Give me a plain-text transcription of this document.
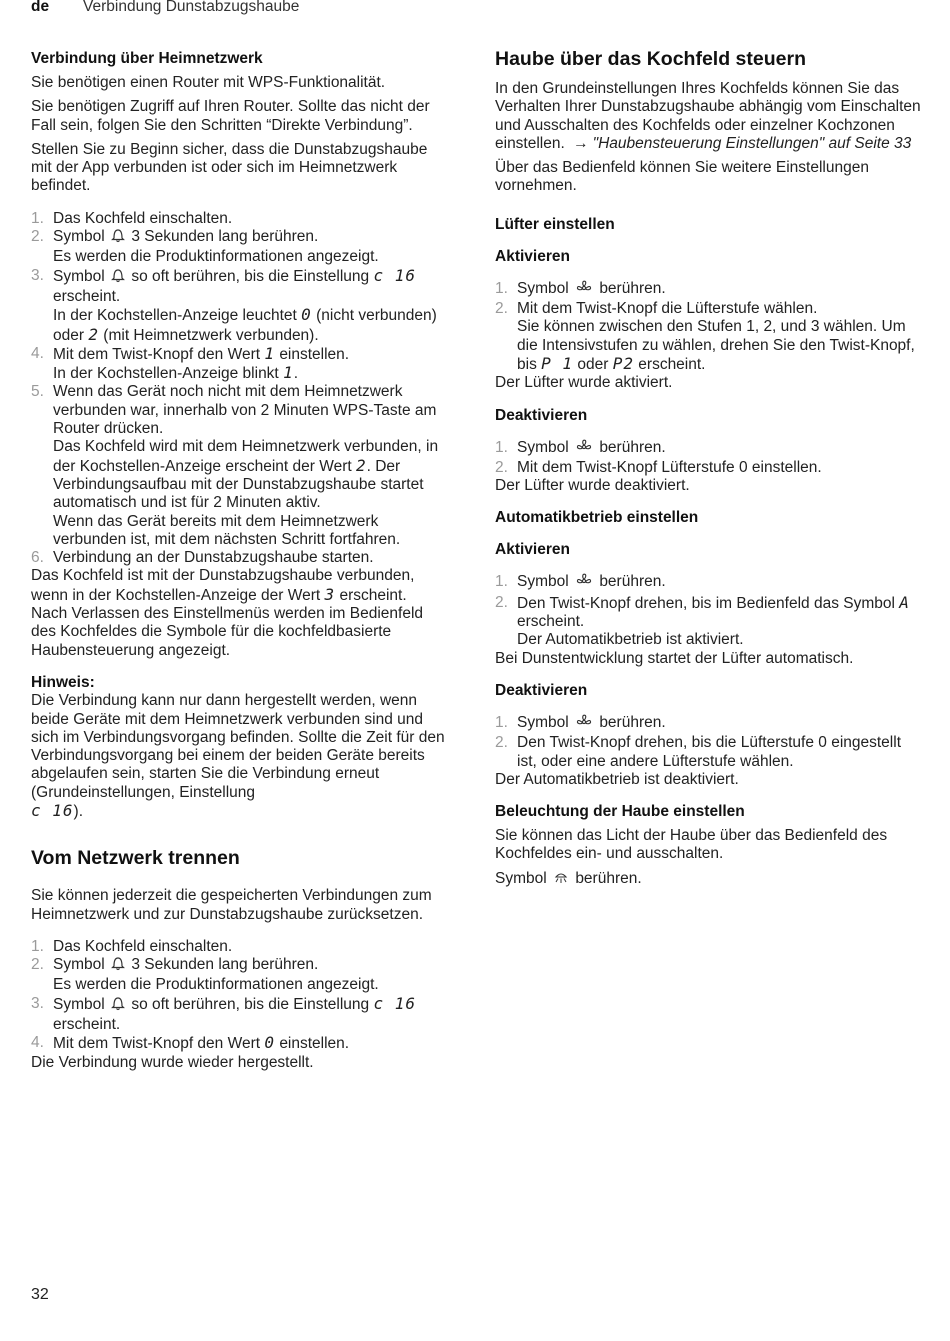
de Verbindung Dunstabzugshaube
Verbindung über Heimnetzwerk

Sie benötigen einen Router mit WPS-Funktionalität.

Sie benötigen Zugriff auf Ihren Router. Sollte das nicht der Fall sein, folgen Sie den Schritten “Direkte Verbindung”.

Stellen Sie zu Beginn sicher, dass die Dunstabzugshaube mit der App verbunden ist oder sich im Heimnetzwerk befindet.

1. Das Kochfeld einschalten.
2. Symbol 3 Sekunden lang berühren.
Es werden die Produktinformationen angezeigt.
3. Symbol so oft berühren, bis die Einstellung c 16
erscheint.
In der Kochstellen-Anzeige leuchtet 0 (nicht verbunden) oder 2 (mit Heimnetzwerk verbunden).
4. Mit dem Twist-Knopf den Wert 1 einstellen.
In der Kochstellen-Anzeige blinkt 1.
5. Wenn das Gerät noch nicht mit dem Heimnetzwerk verbunden war, innerhalb von 2 Minuten WPS-Taste am Router drücken.
Das Kochfeld wird mit dem Heimnetzwerk verbunden, in der Kochstellen-Anzeige erscheint der Wert 2. Der Verbindungsaufbau mit der Dunstabzugshaube startet automatisch und ist für 2 Minuten aktiv.
Wenn das Gerät bereits mit dem Heimnetzwerk verbunden ist, mit dem nächsten Schritt fortfahren.
6. Verbindung an der Dunstabzugshaube starten.
Das Kochfeld ist mit der Dunstabzugshaube verbunden, wenn in der Kochstellen-Anzeige der Wert 3 erscheint.

Nach Verlassen des Einstellmenüs werden im Bedienfeld des Kochfeldes die Symbole für die kochfeldbasierte Haubensteuerung angezeigt.

Hinweis:
Die Verbindung kann nur dann hergestellt werden, wenn beide Geräte mit dem Heimnetzwerk verbunden sind und sich im Verbindungsvorgang befinden. Sollte die Zeit für den Verbindungsvorgang bei einem der beiden Geräte bereits abgelaufen sein, starten Sie die Verbindung erneut (Grundeinstellungen, Einstellung
c 16).
Vom Netzwerk trennen

Sie können jederzeit die gespeicherten Verbindungen zum Heimnetzwerk und zur Dunstabzugshaube zurücksetzen.

1. Das Kochfeld einschalten.
2. Symbol 3 Sekunden lang berühren.
Es werden die Produktinformationen angezeigt.
3. Symbol so oft berühren, bis die Einstellung c 16
erscheint.
4. Mit dem Twist-Knopf den Wert 0 einstellen.
Die Verbindung wurde wieder hergestellt.
Haube über das Kochfeld steuern

In den Grundeinstellungen Ihres Kochfelds können Sie das Verhalten Ihrer Dunstabzugshaube abhängig vom Einschalten und Ausschalten des Kochfelds oder einzelner Kochzonen einstellen. → "Haubensteuerung Einstellungen" auf Seite 33

Über das Bedienfeld können Sie weitere Einstellungen vornehmen.

Lüfter einstellen
Aktivieren
1. Symbol berühren.
2. Mit dem Twist-Knopf die Lüfterstufe wählen.
Sie können zwischen den Stufen 1, 2, und 3 wählen. Um die Intensivstufen zu wählen, drehen Sie den Twist-Knopf, bis P 1 oder P2 erscheint.
Der Lüfter wurde aktiviert.
Deaktivieren
1. Symbol berühren.
2. Mit dem Twist-Knopf Lüfterstufe 0 einstellen.
Der Lüfter wurde deaktiviert.
Automatikbetrieb einstellen
Aktivieren
1. Symbol berühren.
2. Den Twist-Knopf drehen, bis im Bedienfeld das Symbol A erscheint.
Der Automatikbetrieb ist aktiviert.
Bei Dunstentwicklung startet der Lüfter automatisch.
Deaktivieren
1. Symbol berühren.
2. Den Twist-Knopf drehen, bis die Lüfterstufe 0 eingestellt ist, oder eine andere Lüfterstufe wählen.
Der Automatikbetrieb ist deaktiviert.
Beleuchtung der Haube einstellen

Sie können das Licht der Haube über das Bedienfeld des Kochfeldes ein- und ausschalten.

Symbol berühren.
32
